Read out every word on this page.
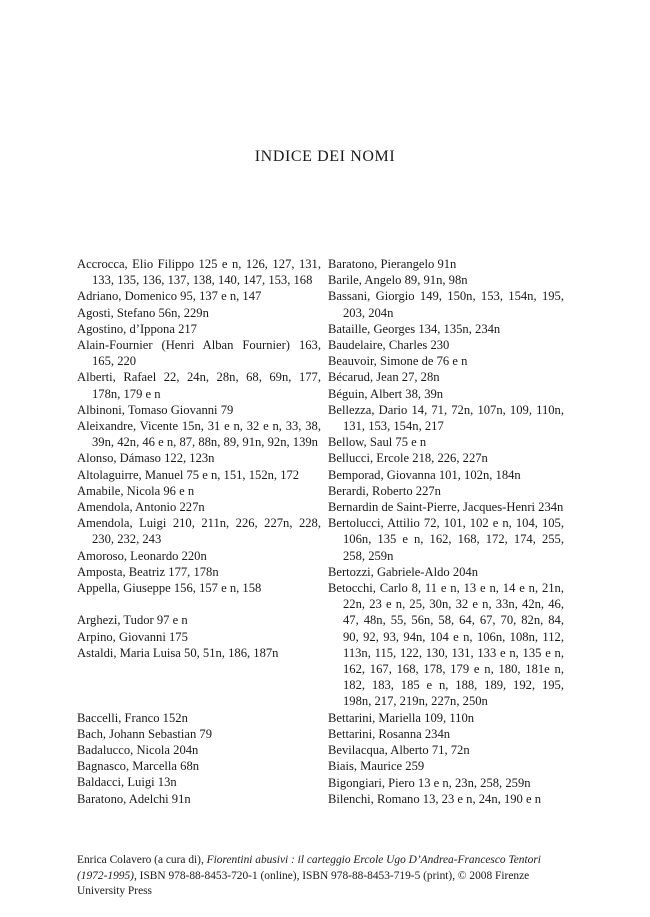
INDICE DEI NOMI
Accrocca, Elio Filippo 125 e n, 126, 127, 131, 133, 135, 136, 137, 138, 140, 147, 153, 168
Adriano, Domenico 95, 137 e n, 147
Agosti, Stefano 56n, 229n
Agostino, d’Ippona 217
Alain-Fournier (Henri Alban Fournier) 163, 165, 220
Alberti, Rafael 22, 24n, 28n, 68, 69n, 177, 178n, 179 e n
Albinoni, Tomaso Giovanni 79
Aleixandre, Vicente 15n, 31 e n, 32 e n, 33, 38, 39n, 42n, 46 e n, 87, 88n, 89, 91n, 92n, 139n
Alonso, Dámaso 122, 123n
Altolaguirre, Manuel 75 e n, 151, 152n, 172
Amabile, Nicola 96 e n
Amendola, Antonio 227n
Amendola, Luigi 210, 211n, 226, 227n, 228, 230, 232, 243
Amoroso, Leonardo 220n
Amposta, Beatriz 177, 178n
Appella, Giuseppe 156, 157 e n, 158
Arghezi, Tudor 97 e n
Arpino, Giovanni 175
Astaldi, Maria Luisa 50, 51n, 186, 187n
Baccelli, Franco 152n
Bach, Johann Sebastian 79
Badalucco, Nicola 204n
Bagnasco, Marcella 68n
Baldacci, Luigi 13n
Baratono, Adelchi 91n
Baratono, Pierangelo 91n
Barile, Angelo 89, 91n, 98n
Bassani, Giorgio 149, 150n, 153, 154n, 195, 203, 204n
Bataille, Georges 134, 135n, 234n
Baudelaire, Charles 230
Beauvoir, Simone de 76 e n
Bécarud, Jean 27, 28n
Béguin, Albert 38, 39n
Bellezza, Dario 14, 71, 72n, 107n, 109, 110n, 131, 153, 154n, 217
Bellow, Saul 75 e n
Bellucci, Ercole 218, 226, 227n
Bemporad, Giovanna 101, 102n, 184n
Berardi, Roberto 227n
Bernardin de Saint-Pierre, Jacques-Henri 234n
Bertolucci, Attilio 72, 101, 102 e n, 104, 105, 106n, 135 e n, 162, 168, 172, 174, 255, 258, 259n
Bertozzi, Gabriele-Aldo 204n
Betocchi, Carlo 8, 11 e n, 13 e n, 14 e n, 21n, 22n, 23 e n, 25, 30n, 32 e n, 33n, 42n, 46, 47, 48n, 55, 56n, 58, 64, 67, 70, 82n, 84, 90, 92, 93, 94n, 104 e n, 106n, 108n, 112, 113n, 115, 122, 130, 131, 133 e n, 135 e n, 162, 167, 168, 178, 179 e n, 180, 181e n, 182, 183, 185 e n, 188, 189, 192, 195, 198n, 217, 219n, 227n, 250n
Bettarini, Mariella 109, 110n
Bettarini, Rosanna 234n
Bevilacqua, Alberto 71, 72n
Biais, Maurice 259
Bigongiari, Piero 13 e n, 23n, 258, 259n
Bilenchi, Romano 13, 23 e n, 24n, 190 e n
Enrica Colavero (a cura di), Fiorentini abusivi : il carteggio Ercole Ugo D’Andrea-Francesco Tentori (1972-1995), ISBN 978-88-8453-720-1 (online), ISBN 978-88-8453-719-5 (print), © 2008 Firenze University Press
